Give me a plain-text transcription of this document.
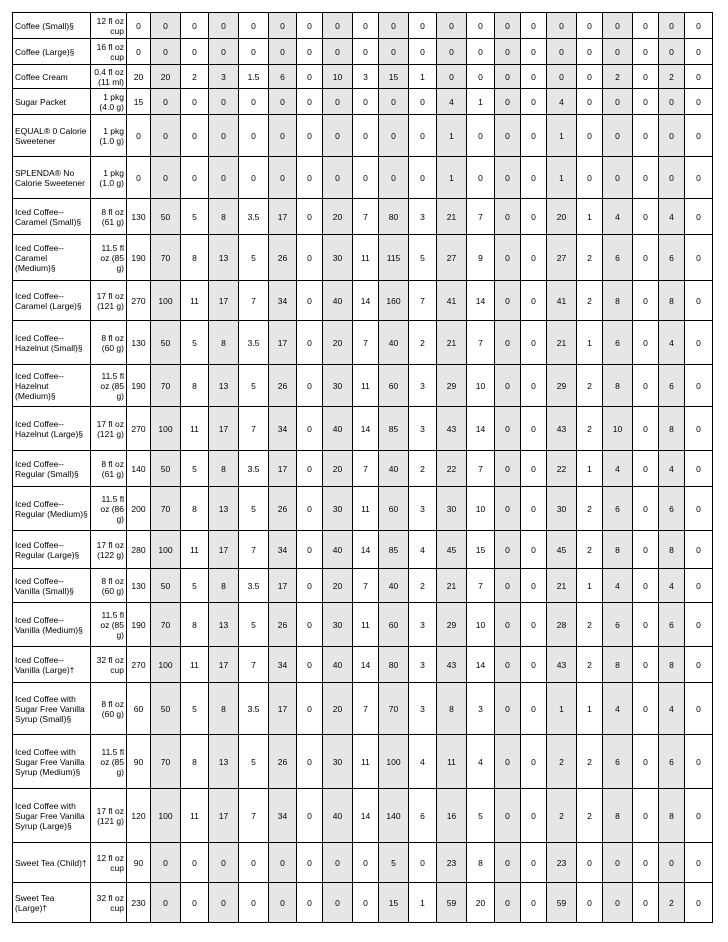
Coffee (Small)§	12 fl oz cup	0	0	0	0	0	0	0	0	0	0	0	0	0	0	0	0	0	0	0	0	0
Coffee (Large)§	16 fl oz cup	0	0	0	0	0	0	0	0	0	0	0	0	0	0	0	0	0	0	0	0	0
Coffee Cream	0.4 fl oz (11 ml)	20	20	2	3	1.5	6	0	10	3	15	1	0	0	0	0	0	0	2	0	2	0
Sugar Packet	1 pkg (4.0 g)	15	0	0	0	0	0	0	0	0	0	0	4	1	0	0	4	0	0	0	0	0
EQUAL® 0 Calorie Sweetener	1 pkg (1.0 g)	0	0	0	0	0	0	0	0	0	0	0	1	0	0	0	1	0	0	0	0	0
SPLENDA® No Calorie Sweetener	1 pkg (1.0 g)	0	0	0	0	0	0	0	0	0	0	0	1	0	0	0	1	0	0	0	0	0
Iced Coffee-- Caramel (Small)§	8 fl oz (61 g)	130	50	5	8	3.5	17	0	20	7	80	3	21	7	0	0	20	1	4	0	4	0
Iced Coffee-- Caramel (Medium)§	11.5 fl oz (85 g)	190	70	8	13	5	26	0	30	11	115	5	27	9	0	0	27	2	6	0	6	0
Iced Coffee-- Caramel (Large)§	17 fl oz (121 g)	270	100	11	17	7	34	0	40	14	160	7	41	14	0	0	41	2	8	0	8	0
Iced Coffee-- Hazelnut (Small)§	8 fl oz (60 g)	130	50	5	8	3.5	17	0	20	7	40	2	21	7	0	0	21	1	6	0	4	0
Iced Coffee-- Hazelnut (Medium)§	11.5 fl oz (85 g)	190	70	8	13	5	26	0	30	11	60	3	29	10	0	0	29	2	8	0	6	0
Iced Coffee-- Hazelnut (Large)§	17 fl oz (121 g)	270	100	11	17	7	34	0	40	14	85	3	43	14	0	0	43	2	10	0	8	0
Iced Coffee-- Regular (Small)§	8 fl oz (61 g)	140	50	5	8	3.5	17	0	20	7	40	2	22	7	0	0	22	1	4	0	4	0
Iced Coffee-- Regular (Medium)§	11.5 fl oz (86 g)	200	70	8	13	5	26	0	30	11	60	3	30	10	0	0	30	2	6	0	6	0
Iced Coffee-- Regular (Large)§	17 fl oz (122 g)	280	100	11	17	7	34	0	40	14	85	4	45	15	0	0	45	2	8	0	8	0
Iced Coffee-- Vanilla (Small)§	8 fl oz (60 g)	130	50	5	8	3.5	17	0	20	7	40	2	21	7	0	0	21	1	4	0	4	0
Iced Coffee-- Vanilla (Medium)§	11.5 fl oz (85 g)	190	70	8	13	5	26	0	30	11	60	3	29	10	0	0	28	2	6	0	6	0
Iced Coffee-- Vanilla (Large)†	32 fl oz cup	270	100	11	17	7	34	0	40	14	80	3	43	14	0	0	43	2	8	0	8	0
Iced Coffee with Sugar Free Vanilla Syrup (Small)§	8 fl oz (60 g)	60	50	5	8	3.5	17	0	20	7	70	3	8	3	0	0	1	1	4	0	4	0
Iced Coffee with Sugar Free Vanilla Syrup (Medium)§	11.5 fl oz (85 g)	90	70	8	13	5	26	0	30	11	100	4	11	4	0	0	2	2	6	0	6	0
Iced Coffee with Sugar Free Vanilla Syrup (Large)§	17 fl oz (121 g)	120	100	11	17	7	34	0	40	14	140	6	16	5	0	0	2	2	8	0	8	0
Sweet Tea (Child)†	12 fl oz cup	90	0	0	0	0	0	0	0	0	5	0	23	8	0	0	23	0	0	0	0	0
Sweet Tea (Large)†	32 fl oz cup	230	0	0	0	0	0	0	0	0	15	1	59	20	0	0	59	0	0	0	2	0
